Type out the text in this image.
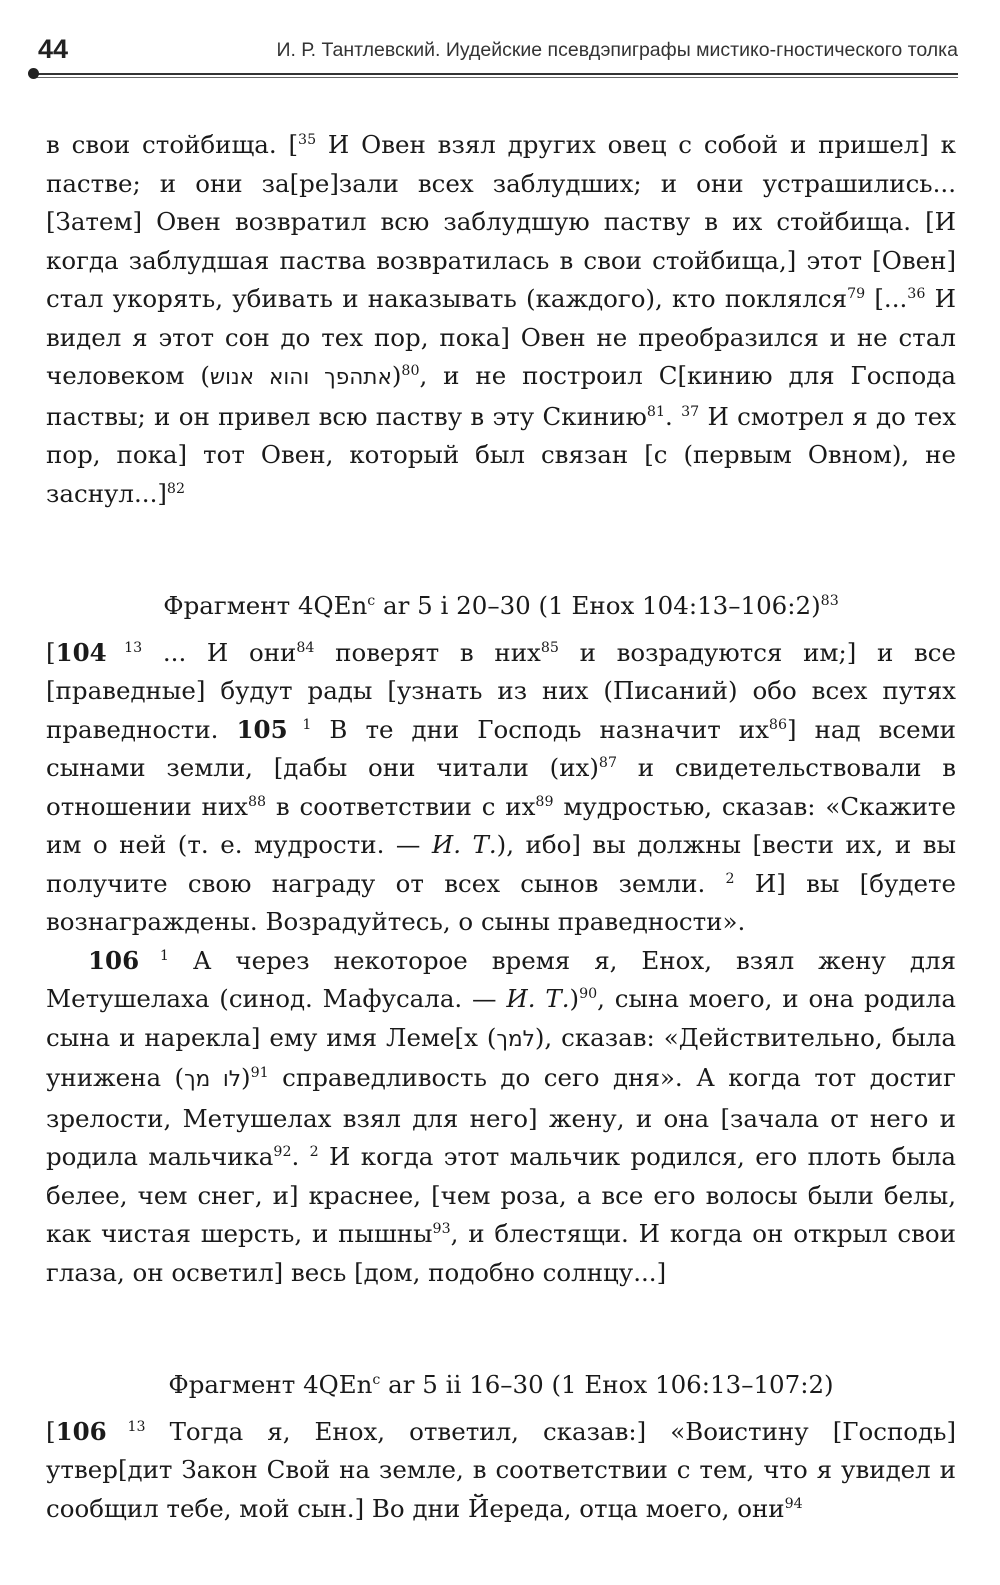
44	И. Р. Тантлевский. Иудейские псевдэпиграфы мистико-гностического толка

в свои стойбища. [$^{35}$ И Овен взял других овец с собой и пришел] к пастве; и они за[ре]зали всех заблудших; и они устрашились... [Затем] Овен возвратил всю заблудшую паству в их стойбища. [И когда заблудшая паства возвратилась в свои стойбища,] этот [Овен] стал укорять, убивать и наказывать (каждого), кто поклялся$^{79}$ [...$^{36}$ И видел я этот сон до тех пор, пока] Овен не преобразился и не стал человеком (אתהפך והוא אנוש)$^{80}$, и не построил С[кинию для Господа паствы; и он привел всю паству в эту Скинию$^{81}$. $^{37}$ И смотрел я до тех пор, пока] тот Овен, который был связан [с (первым Овном), не заснул...]$^{82}$

Фрагмент 4QEn$^c$ ar 5 i 20–30 (1 Енох 104:13–106:2)$^{83}$

[104 $^{13}$ ... И они$^{84}$ поверят в них$^{85}$ и возрадуются им;] и все [праведные] будут рады [узнать из них (Писаний) обо всех путях праведности. 105 $^1$ В те дни Господь назначит $их^{86}$] над всеми сынами земли, [дабы они читали (их)$^{87}$ и свидетельствовали в отношении них$^{88}$ в соответствии с $их^{89}$ мудростью, сказав: «Скажите им о ней (т. е. мудрости. — И. Т.), ибо] вы должны [вести их, и вы получите свою награду от всех сынов земли. $^2$ И] вы [будете вознаграждены. Возрадуйтесь, о сыны праведности».

106 $^1$ А через некоторое время я, Енох, взял жену для Метушелаха (синод. Мафусала. — И. Т.)$^{90}$, сына моего, и она родила сына и нарекла] ему имя Леме[х (למך), сказав: «Действительно, была унижена (לו מך)$^{91}$ справедливость до сего дня». А когда тот достиг зрелости, Метушелах взял для него] жену, и она [зачала от него и родила мальчика$^{92}$. $^2$ И когда этот мальчик родился, его плоть была белее, чем снег, и] краснее, [чем роза, а все его волосы были белы, как чистая шерсть, и пышны$^{93}$, и блестящи. И когда он открыл свои глаза, он осветил] весь [дом, подобно солнцу...]

Фрагмент 4QEn$^c$ ar 5 ii 16–30 (1 Енох 106:13–107:2)

[106 $^{13}$ Тогда я, Енох, ответил, сказав:] «Воистину [Господь] утвер[дит Закон Свой на земле, в соответствии с тем, что я увидел и сообщил тебе, мой сын.] Во дни Йереда, отца моего, они$^{94}$
